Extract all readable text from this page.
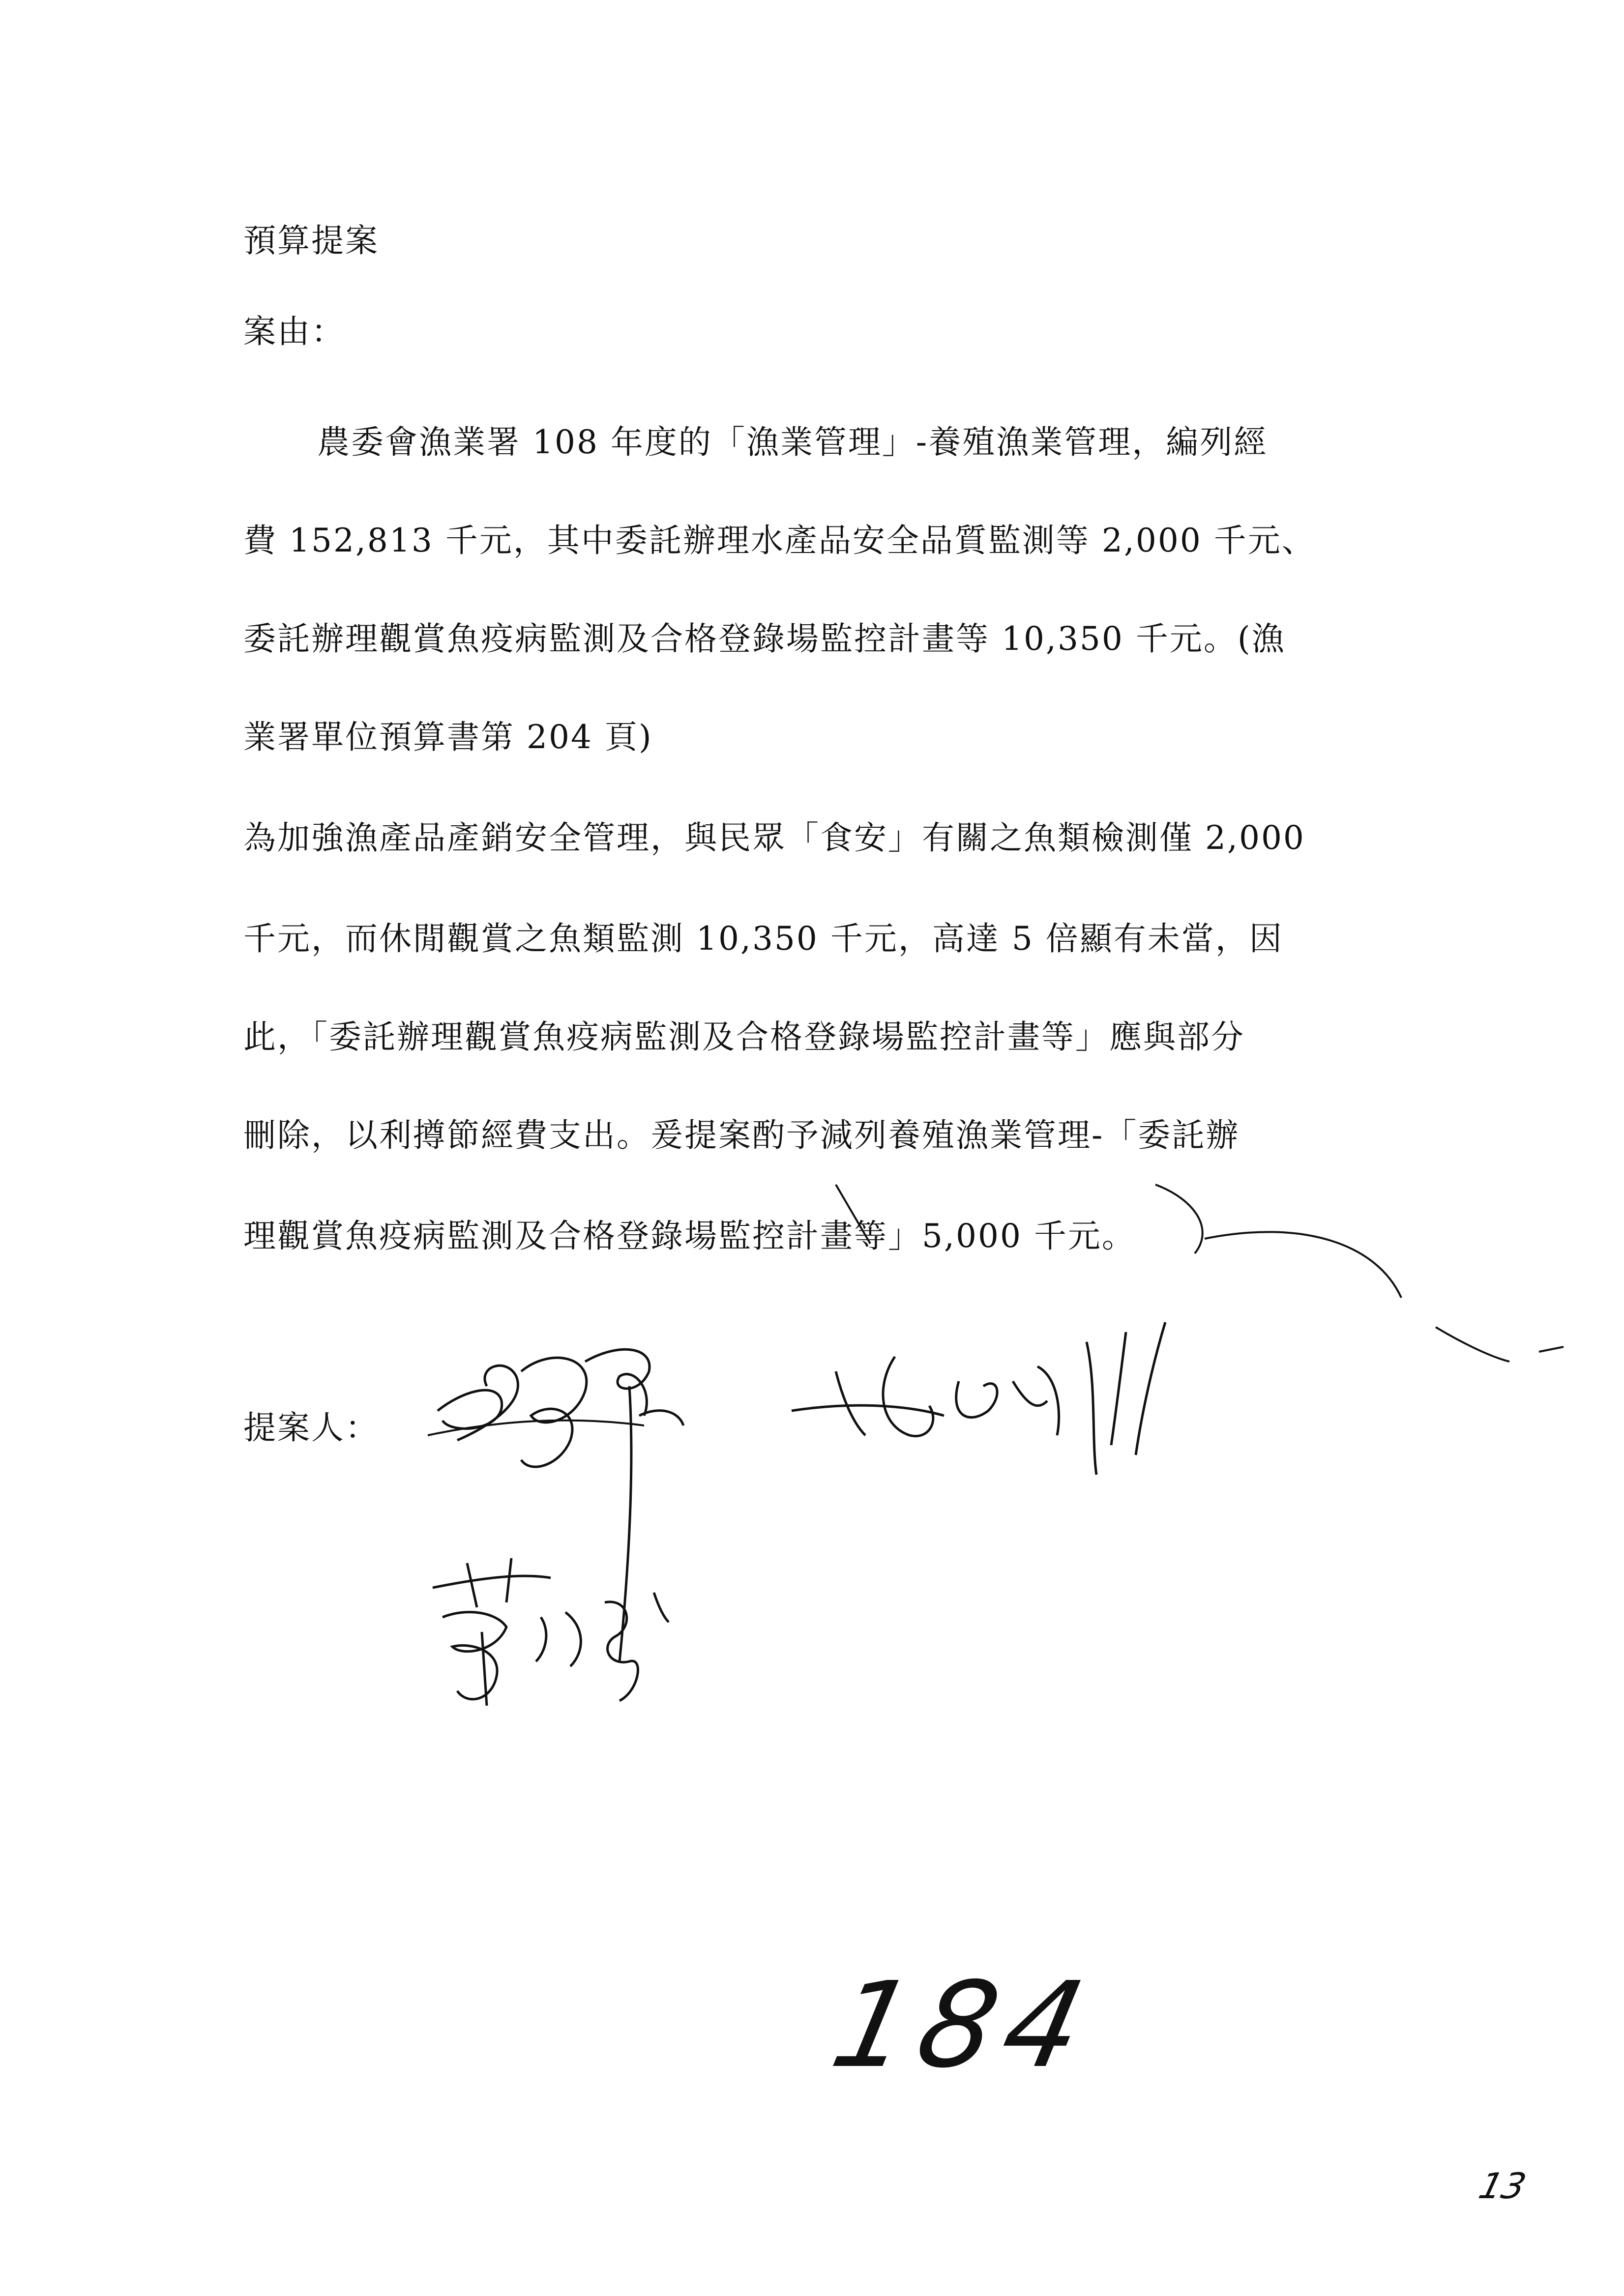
預算提案
案由：
農委會漁業署 108 年度的「漁業管理」-養殖漁業管理，編列經
費 152,813 千元，其中委託辦理水產品安全品質監測等 2,000 千元、
委託辦理觀賞魚疫病監測及合格登錄場監控計畫等 10,350 千元。(漁
業署單位預算書第 204 頁)
為加強漁產品產銷安全管理，與民眾「食安」有關之魚類檢測僅 2,000
千元，而休閒觀賞之魚類監測 10,350 千元，高達 5 倍顯有未當，因
此，「委託辦理觀賞魚疫病監測及合格登錄場監控計畫等」應與部分
刪除，以利撙節經費支出。爰提案酌予減列養殖漁業管理-「委託辦
理觀賞魚疫病監測及合格登錄場監控計畫等」5,000 千元。
提案人：
184
13
